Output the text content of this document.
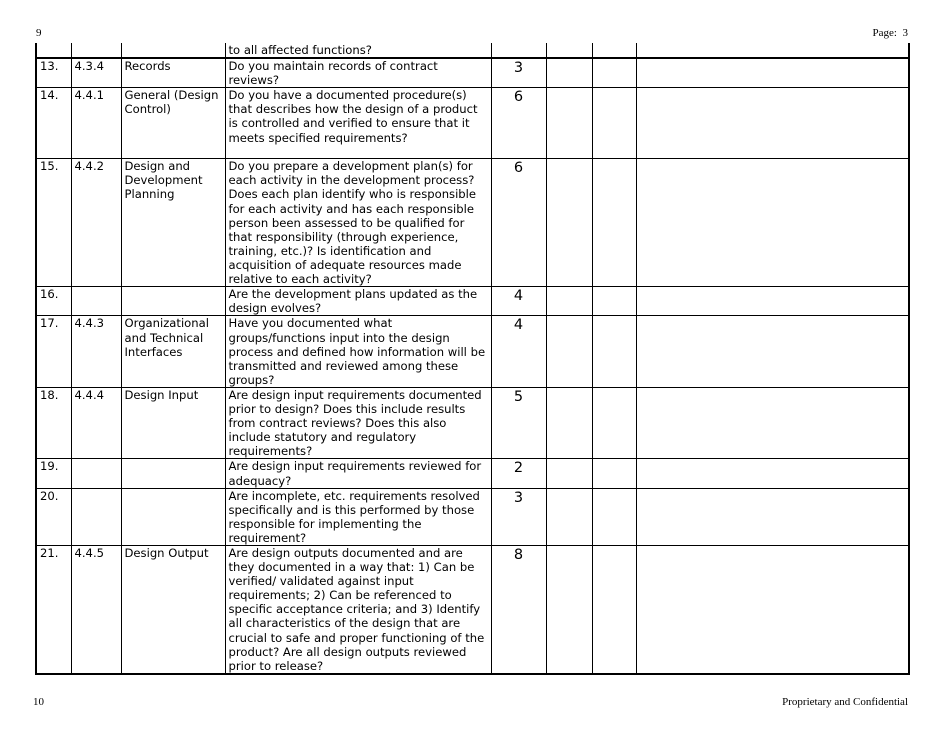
9	Page:  3
			to all affected functions?				
13.	4.3.4	Records	Do you maintain records of contract reviews?	3			
14.	4.4.1	General (Design Control)	Do you have a documented procedure(s) that describes how the design of a product is controlled and verified to ensure that it meets specified requirements?	6			
15.	4.4.2	Design and Development Planning	Do you prepare a development plan(s) for each activity in the development process? Does each plan identify who is responsible for each activity and has each responsible person been assessed to be qualified for that responsibility (through experience, training, etc.)? Is identification and acquisition of adequate resources made relative to each activity?	6			
16.			Are the development plans updated as the design evolves?	4			
17.	4.4.3	Organizational and Technical Interfaces	Have you documented what groups/functions input into the design process and defined how information will be transmitted and reviewed among these groups?	4			
18.	4.4.4	Design Input	Are design input requirements documented prior to design? Does this include results from contract reviews? Does this also include statutory and regulatory requirements?	5			
19.			Are design input requirements reviewed for adequacy?	2			
20.			Are incomplete, etc. requirements resolved specifically and is this performed by those responsible for implementing the requirement?	3			
21.	4.4.5	Design Output	Are design outputs documented and are they documented in a way that: 1) Can be verified/ validated against input requirements; 2) Can be referenced to specific acceptance criteria; and 3) Identify all characteristics of the design that are crucial to safe and proper functioning of the product? Are all design outputs reviewed prior to release?	8			
10	Proprietary and Confidential
